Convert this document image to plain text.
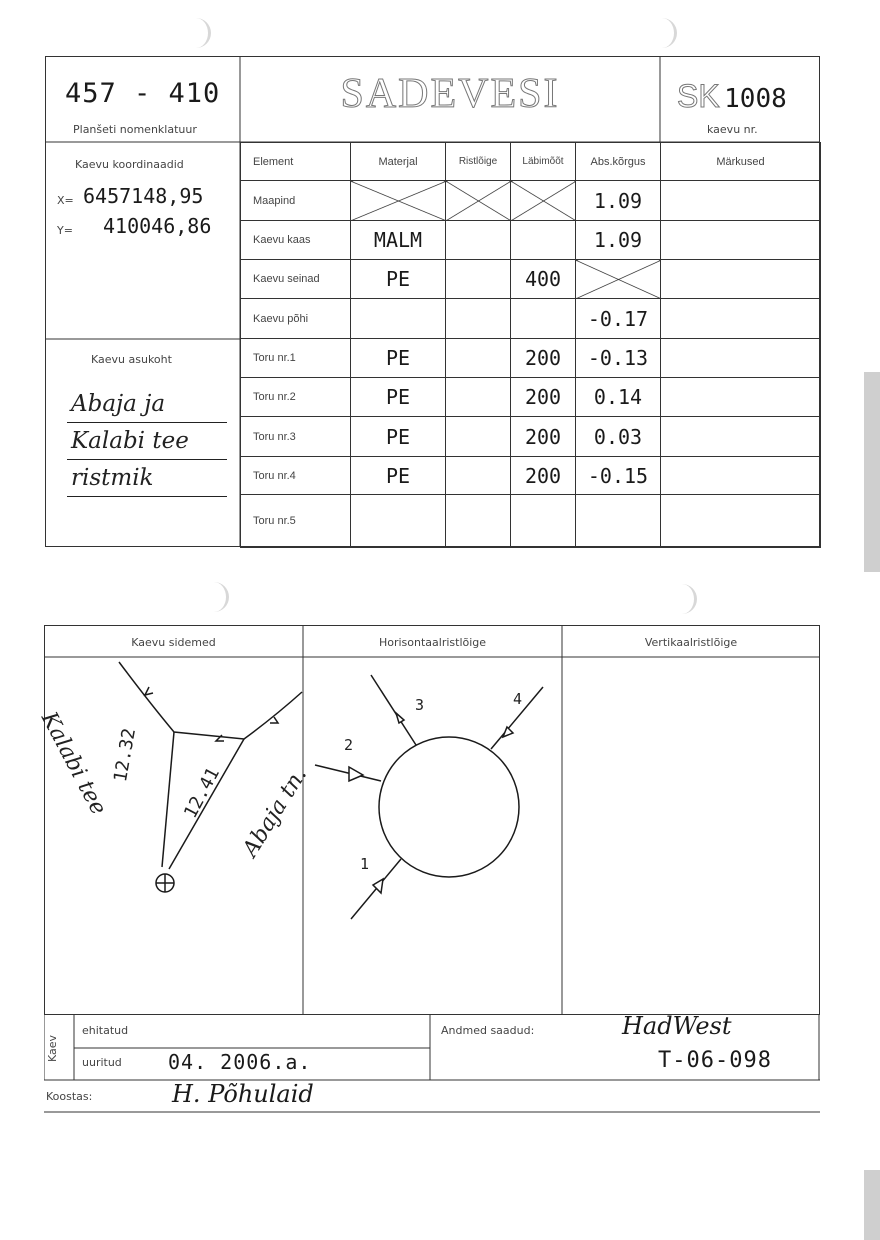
457 - 410
Planšeti nomenklatuur
SADEVESI	SK 1008
kaevu nr.
Kaevu koordinaadid
X= 6457148,95
Y= 410046,86
Kaevu asukoht
Abaja ja
Kalabi tee
ristmik
Element	Materjal	Ristlõige	Läbimõõt	Abs.kõrgus	Märkused
Maapind				1.09	
Kaevu kaas	MALM			1.09	
Kaevu seinad	PE		400		
Kaevu põhi				-0.17	
Toru nr.1	PE		200	-0.13	
Toru nr.2	PE		200	0.14	
Toru nr.3	PE		200	0.03	
Toru nr.4	PE		200	-0.15	
Toru nr.5					
Kaevu sidemed	Horisontaalristlõige	Vertikaalristlõige
12.32
12.41
Kalabi tee	Abaja tn.
1
2
3	4
Kaev
ehitatud
uuritud 04. 2006.a.
Andmed saadud:	HadWest
T-06-098
Koostas:	H. Põhulaid
